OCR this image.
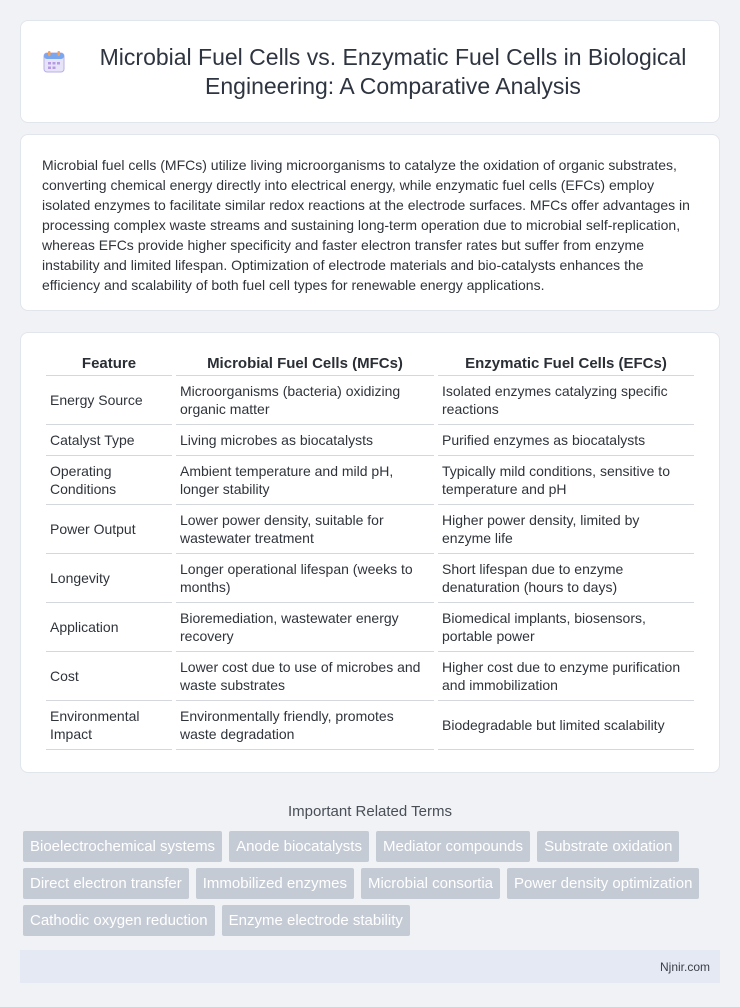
Microbial Fuel Cells vs. Enzymatic Fuel Cells in Biological Engineering: A Comparative Analysis

Microbial fuel cells (MFCs) utilize living microorganisms to catalyze the oxidation of organic substrates, converting chemical energy directly into electrical energy, while enzymatic fuel cells (EFCs) employ isolated enzymes to facilitate similar redox reactions at the electrode surfaces. MFCs offer advantages in processing complex waste streams and sustaining long-term operation due to microbial self-replication, whereas EFCs provide higher specificity and faster electron transfer rates but suffer from enzyme instability and limited lifespan. Optimization of electrode materials and bio-catalysts enhances the efficiency and scalability of both fuel cell types for renewable energy applications.

Feature	Microbial Fuel Cells (MFCs)	Enzymatic Fuel Cells (EFCs)
Energy Source	Microorganisms (bacteria) oxidizing organic matter	Isolated enzymes catalyzing specific reactions
Catalyst Type	Living microbes as biocatalysts	Purified enzymes as biocatalysts
Operating Conditions	Ambient temperature and mild pH, longer stability	Typically mild conditions, sensitive to temperature and pH
Power Output	Lower power density, suitable for wastewater treatment	Higher power density, limited by enzyme life
Longevity	Longer operational lifespan (weeks to months)	Short lifespan due to enzyme denaturation (hours to days)
Application	Bioremediation, wastewater energy recovery	Biomedical implants, biosensors, portable power
Cost	Lower cost due to use of microbes and waste substrates	Higher cost due to enzyme purification and immobilization
Environmental Impact	Environmentally friendly, promotes waste degradation	Biodegradable but limited scalability
Important Related Terms
Bioelectrochemical systems	Anode biocatalysts	Mediator compounds	Substrate oxidation
Direct electron transfer	Immobilized enzymes	Microbial consortia	Power density optimization
Cathodic oxygen reduction	Enzyme electrode stability
Njnir.com
